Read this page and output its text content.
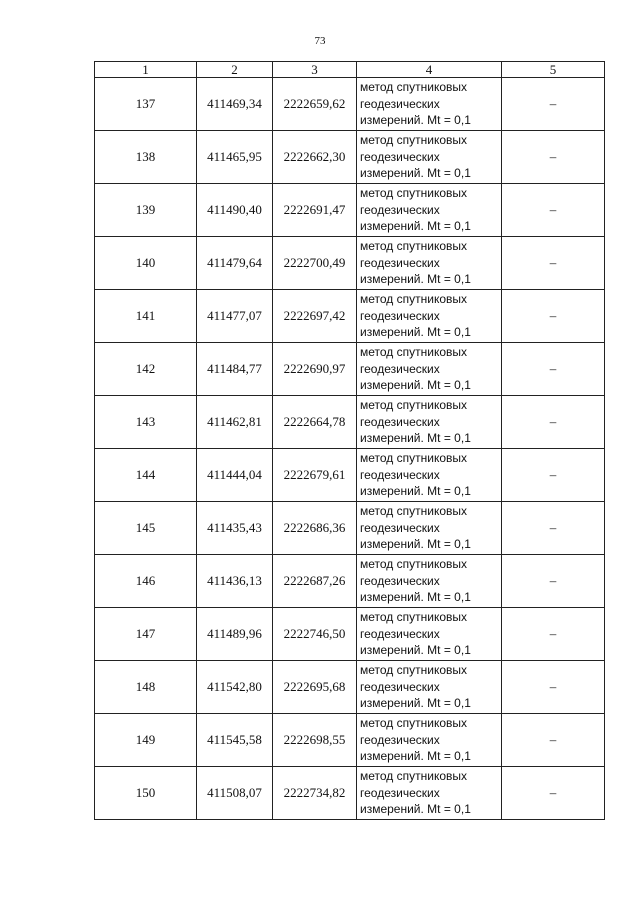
73
1	2	3	4	5
137	411469,34	2222659,62	метод спутниковых
геодезических
измерений. Mt = 0,1	–
138	411465,95	2222662,30	метод спутниковых
геодезических
измерений. Mt = 0,1	–
139	411490,40	2222691,47	метод спутниковых
геодезических
измерений. Mt = 0,1	–
140	411479,64	2222700,49	метод спутниковых
геодезических
измерений. Mt = 0,1	–
141	411477,07	2222697,42	метод спутниковых
геодезических
измерений. Mt = 0,1	–
142	411484,77	2222690,97	метод спутниковых
геодезических
измерений. Mt = 0,1	–
143	411462,81	2222664,78	метод спутниковых
геодезических
измерений. Mt = 0,1	–
144	411444,04	2222679,61	метод спутниковых
геодезических
измерений. Mt = 0,1	–
145	411435,43	2222686,36	метод спутниковых
геодезических
измерений. Mt = 0,1	–
146	411436,13	2222687,26	метод спутниковых
геодезических
измерений. Mt = 0,1	–
147	411489,96	2222746,50	метод спутниковых
геодезических
измерений. Mt = 0,1	–
148	411542,80	2222695,68	метод спутниковых
геодезических
измерений. Mt = 0,1	–
149	411545,58	2222698,55	метод спутниковых
геодезических
измерений. Mt = 0,1	–
150	411508,07	2222734,82	метод спутниковых
геодезических
измерений. Mt = 0,1	–
